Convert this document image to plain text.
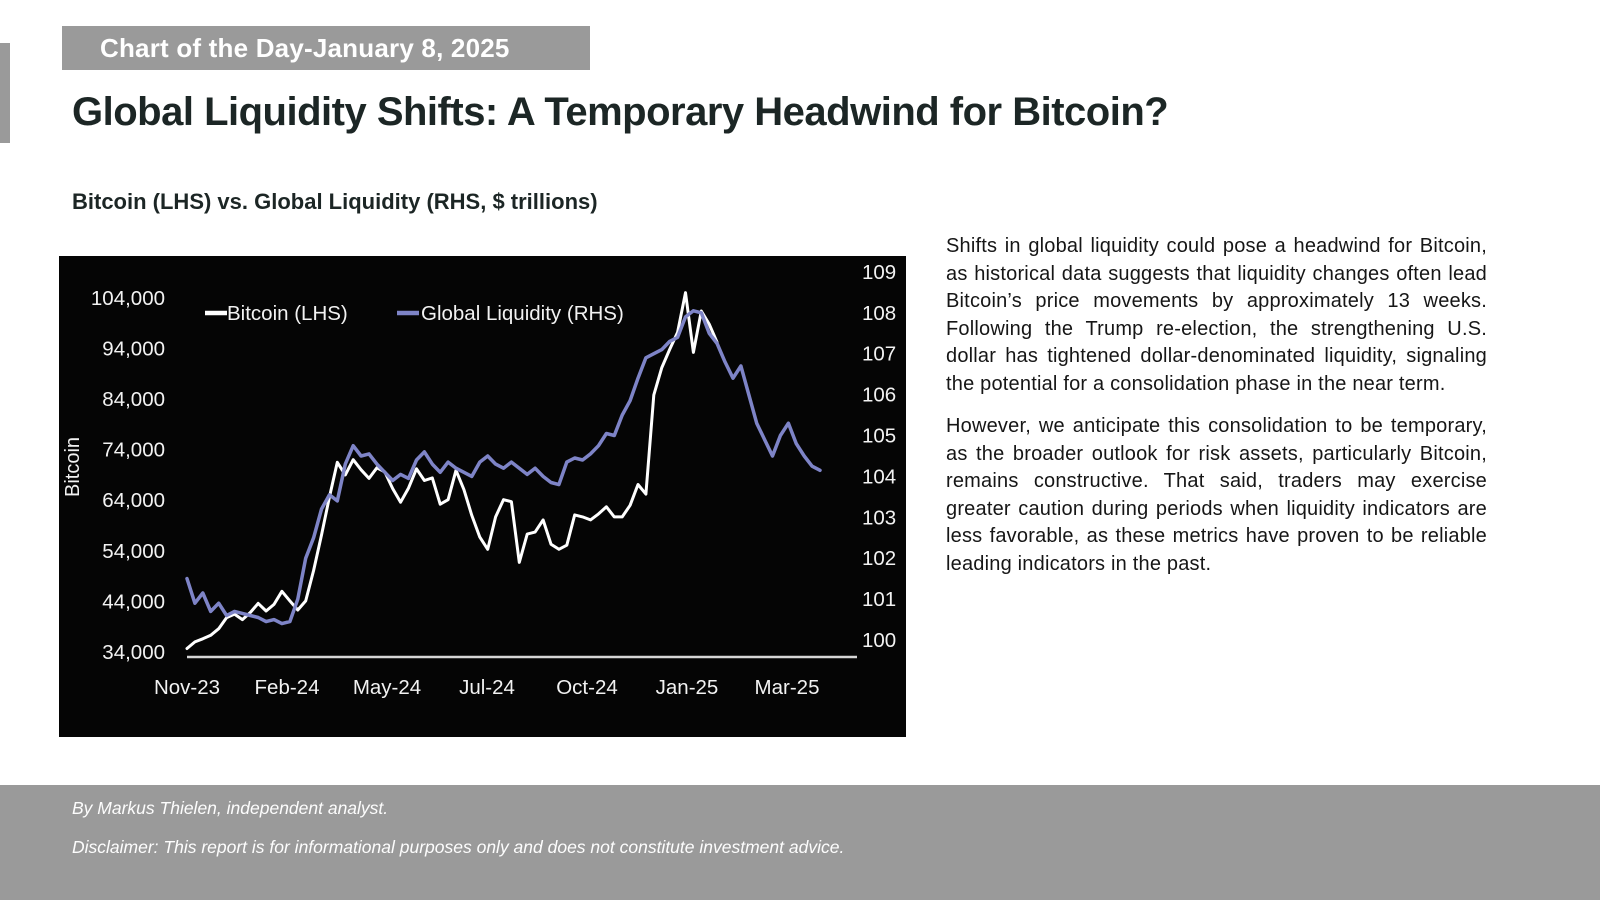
Chart of the Day-January 8, 2025
Global Liquidity Shifts: A Temporary Headwind for Bitcoin?
Bitcoin (LHS) vs. Global Liquidity (RHS, $ trillions)
104,000
94,000
84,000
74,000
64,000
54,000
44,000
34,000
109
108
107
106
105
104
103
102
101
100
Nov-23 Feb-24 May-24 Jul-24 Oct-24 Jan-25 Mar-25
Bitcoin
Bitcoin (LHS)	Global Liquidity (RHS)

Shifts in global liquidity could pose a headwind for Bitcoin, as historical data suggests that liquidity changes often lead Bitcoin’s price movements by approximately 13 weeks. Following the Trump re-election, the strengthening U.S. dollar has tightened dollar-denominated liquidity, signaling the potential for a consolidation phase in the near term.

However, we anticipate this consolidation to be temporary, as the broader outlook for risk assets, particularly Bitcoin, remains constructive. That said, traders may exercise greater caution during periods when liquidity indicators are less favorable, as these metrics have proven to be reliable leading indicators in the past.

By Markus Thielen, independent analyst.

Disclaimer: This report is for informational purposes only and does not constitute investment advice.
